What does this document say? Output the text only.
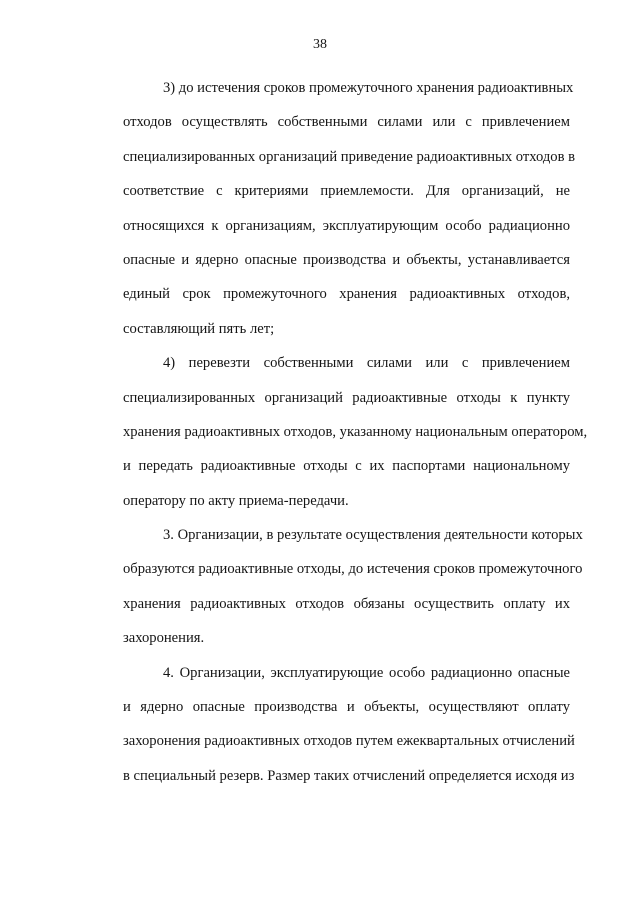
38
3) до истечения сроков промежуточного хранения радиоактивных
отходов осуществлять собственными силами или с привлечением
специализированных организаций приведение радиоактивных отходов в
соответствие с критериями приемлемости. Для организаций, не
относящихся к организациям, эксплуатирующим особо радиационно
опасные и ядерно опасные производства и объекты, устанавливается
единый срок промежуточного хранения радиоактивных отходов,
составляющий пять лет;
4) перевезти собственными силами или с привлечением
специализированных организаций радиоактивные отходы к пункту
хранения радиоактивных отходов, указанному национальным оператором,
и передать радиоактивные отходы с их паспортами национальному
оператору по акту приема-передачи.
3. Организации, в результате осуществления деятельности которых
образуются радиоактивные отходы, до истечения сроков промежуточного
хранения радиоактивных отходов обязаны осуществить оплату их
захоронения.
4. Организации, эксплуатирующие особо радиационно опасные
и ядерно опасные производства и объекты, осуществляют оплату
захоронения радиоактивных отходов путем ежеквартальных отчислений
в специальный резерв. Размер таких отчислений определяется исходя из
